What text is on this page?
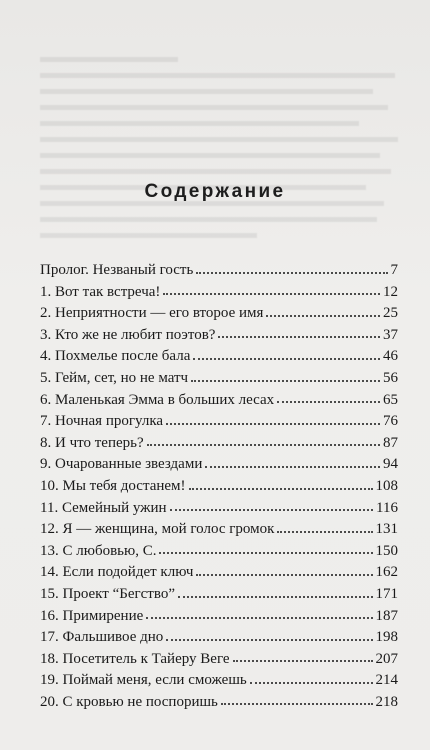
Содержание
Пролог. Незваный гость	7
1. Вот так встреча!	12
2. Неприятности — его второе имя	25
3. Кто же не любит поэтов?	37
4. Похмелье после бала	46
5. Гейм, сет, но не матч	56
6. Маленькая Эмма в больших лесах	65
7. Ночная прогулка	76
8. И что теперь?	87
9. Очарованные звездами	94
10. Мы тебя достанем!	108
11. Семейный ужин	116
12. Я — женщина, мой голос громок	131
13. С любовью, С.	150
14. Если подойдет ключ	162
15. Проект “Бегство”	171
16. Примирение	187
17. Фальшивое дно	198
18. Посетитель к Тайеру Веге	207
19. Поймай меня, если сможешь	214
20. С кровью не поспоришь	218
